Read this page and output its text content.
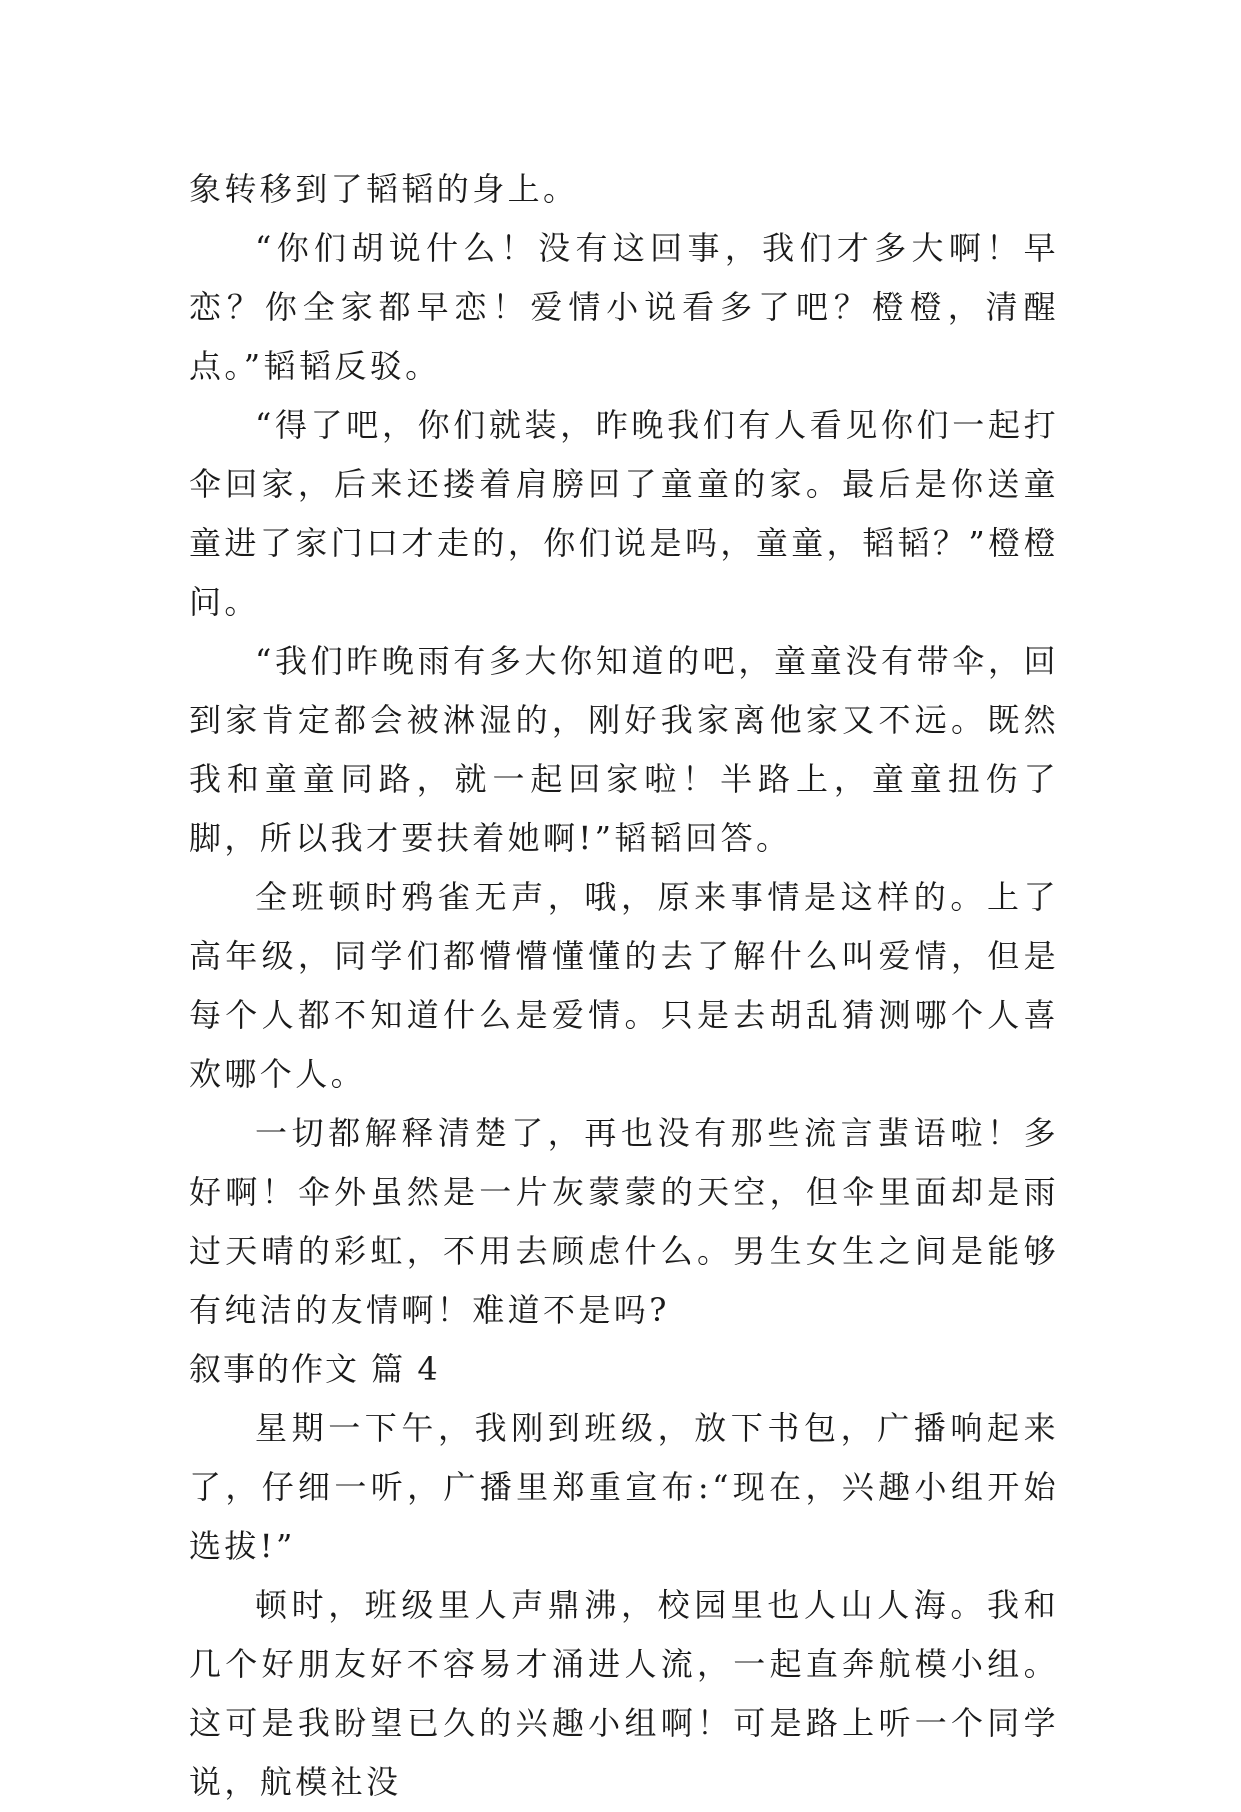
象转移到了韬韬的身上。

“你们胡说什么！没有这回事，我们才多大啊！早恋？你全家都早恋！爱情小说看多了吧？橙橙，清醒点。”韬韬反驳。

“得了吧，你们就装，昨晚我们有人看见你们一起打伞回家，后来还搂着肩膀回了童童的家。最后是你送童童进了家门口才走的，你们说是吗，童童，韬韬？”橙橙问。

“我们昨晚雨有多大你知道的吧，童童没有带伞，回到家肯定都会被淋湿的，刚好我家离他家又不远。既然我和童童同路，就一起回家啦！半路上，童童扭伤了脚，所以我才要扶着她啊!”韬韬回答。

全班顿时鸦雀无声，哦，原来事情是这样的。上了高年级，同学们都懵懵懂懂的去了解什么叫爱情，但是每个人都不知道什么是爱情。只是去胡乱猜测哪个人喜欢哪个人。

一切都解释清楚了，再也没有那些流言蜚语啦！多好啊！伞外虽然是一片灰蒙蒙的天空，但伞里面却是雨过天晴的彩虹，不用去顾虑什么。男生女生之间是能够有纯洁的友情啊！难道不是吗?

叙事的作文 篇 4

星期一下午，我刚到班级，放下书包，广播响起来了，仔细一听，广播里郑重宣布:“现在，兴趣小组开始选拔!”

顿时，班级里人声鼎沸，校园里也人山人海。我和几个好朋友好不容易才涌进人流，一起直奔航模小组。这可是我盼望已久的兴趣小组啊！可是路上听一个同学说，航模社没
